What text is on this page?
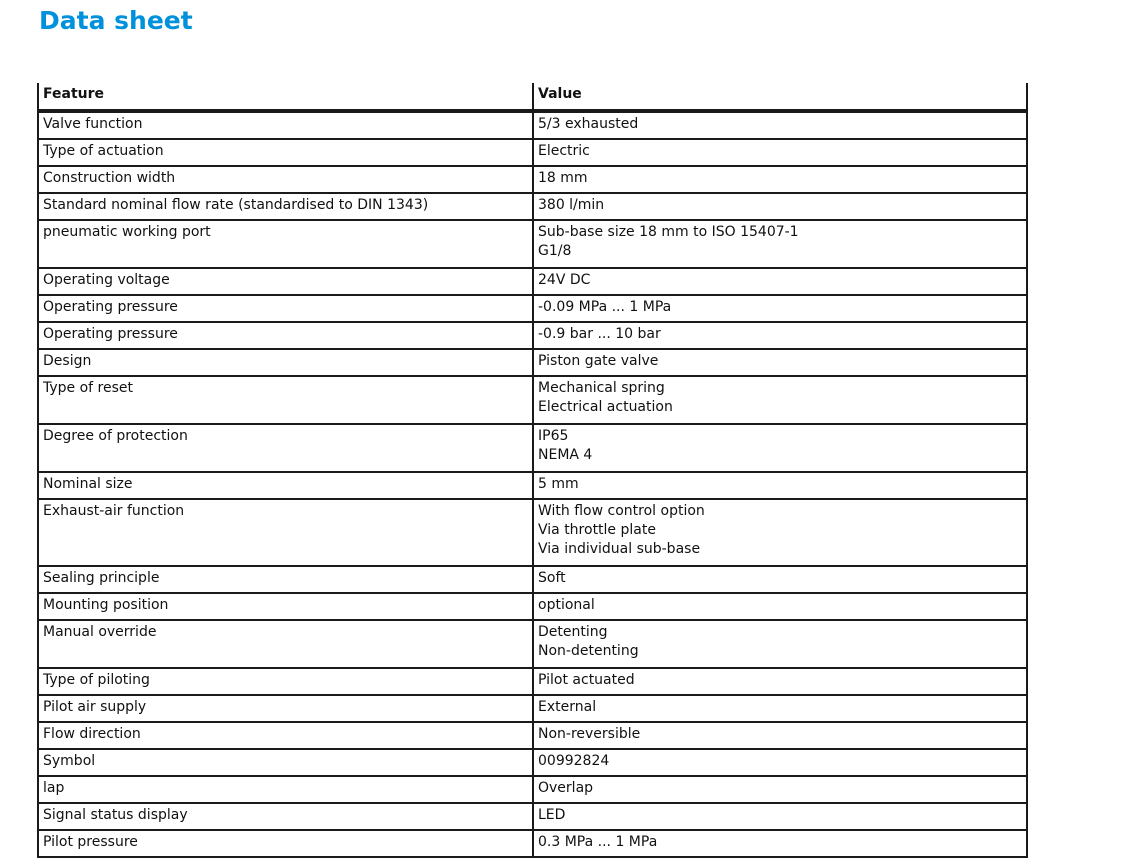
Data sheet
Feature	Value
Valve function	5/3 exhausted

Type of actuation	Electric

Construction width	18 mm

Standard nominal flow rate (standardised to DIN 1343)	380 l/min

pneumatic working port	Sub-base size 18 mm to ISO 15407-1
G1/8

Operating voltage	24V DC

Operating pressure	-0.09 MPa ... 1 MPa

Operating pressure	-0.9 bar ... 10 bar

Design	Piston gate valve

Type of reset	Mechanical spring
Electrical actuation

Degree of protection	IP65
NEMA 4

Nominal size	5 mm

Exhaust-air function	With flow control option
Via throttle plate
Via individual sub-base

Sealing principle	Soft

Mounting position	optional

Manual override	Detenting
Non-detenting

Type of piloting	Pilot actuated

Pilot air supply	External

Flow direction	Non-reversible

Symbol	00992824

lap	Overlap

Signal status display	LED

Pilot pressure	0.3 MPa ... 1 MPa
